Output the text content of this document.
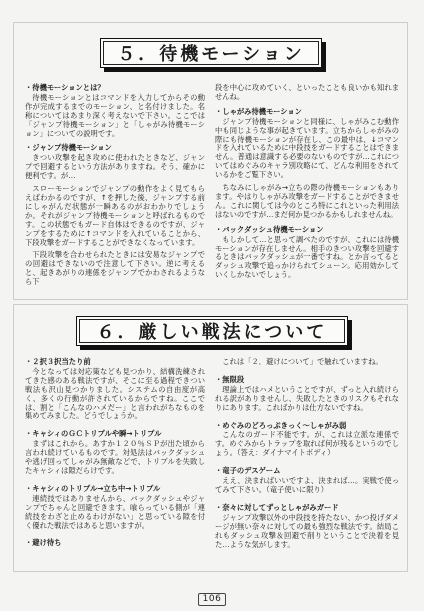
５．待機モーション
・待機モーションとは？

待機モーションとはコマンドを入力してからその動作が完成するまでのモーション、と名付けました。名称についてはあまり深く考えないで下さい。ここでは「ジャンプ待機モーション」と「しゃがみ待機モーション」についての説明です。

・ジャンプ待機モーション

きつい攻撃を起き攻めに使われたときなど、ジャンプで回避するという方法がありますね。そう、確かに便利です。が…

スローモーションでジャンプの動作をよく見てもらえばわかるのですが、↑を押した後、ジャンプする前にしゃがんだ状態が一瞬あるのがおわかりでしょうか。それがジャンプ待機モーションと呼ばれるものです。この状態でもガード自体はできるのですが、ジャンプをするために↑コマンドを入れていることから、下段攻撃をガードすることができなくなっています。

下段攻撃を合わせられたときには安易なジャンプでの回避はできないので注意して下さい。逆に考えると、起きあがりの連係をジャンプでかわされるようなら下

段を中心に攻めていく、といったことも良いかも知れませんね。

・しゃがみ待機モーション

ジャンプ待機モーションと同様に、しゃがみこむ動作中も同じような事が起きています。立ちからしゃがみの際にも待機モーションが存在し、この最中は、↓コマンドを入れているために中段技をガードすることはできません。普通は意識する必要のないものですが…これについてはめぐみのキャラ別攻略にて、どんな利用をされているかをご覧下さい。

ちなみにしゃがみ→立ちの際の待機モーションもあります。やはりしゃがみ攻撃をガードすることができません。これに関しては今のところ特にこれといった利用法はないのですが…まだ何か見つかるかもしれませんね。

・バックダッシュ待機モーション

もしかして…と思って調べたのですが、これには待機モーションが存在しません。相手のきつい攻撃を回避するときはバックダッシュが一番ですね。とか言ってるとダッシュ攻撃で追っかけられてシューン。応用効かしていくしかないでしょう。

６．厳しい戦法について
・２択３択当たり前

今となっては対応策なども見つかり、結構洗練されてきた感のある戦法ですが、そこに至る過程できつい戦法も沢山見つかりました。システムの自由度が高く、多くの行動が許されているからですね。ここでは、割と「こんなのハメだー」と言われがちなものを集めてみました。どうでしょうか。

・キャシィのＧＣトリプルや瞬→トリプル

まずはこれから。あすか１２０％ＳＰが出た頃から言われ続けているものです。対処法はバックダッシュや逃げ回ってしゃがみ無敵などで、トリプルを失敗したキャシィは隙だらけです。

・キャシィのトリプル→立ち中→トリプル

連続技ではありませんから、バックダッシュやジャンプでちゃんと回避できます。喰らっている側が「連続技をわざと止めるわけがない」と思っている隙を付く優れた戦法ではあると思いますが。

・避け待ち

これは「２．避けについて」で触れていますね。

・無限段

理論上ではハメということですが、ずっと入れ続けられる訳がありませんし、失敗したときのリスクもそれなりにあります。こればかりは仕方ないですね。

・めぐみのどろっぷきっく～しゃがみ弱

こんなのガード不能です。が、これは立派な連係です。めぐみからトラップを取れば何が残るというのでしょう。（答え：ダイナマイトボディ）

・竜子のデスゲーム

ええ、決まればいいですよ、決まれば…。実戦で使ってみて下さい。（竜子使いに限り）

・奈々に対してずっとしゃがみガード

ジャンプ攻撃以外の中段技を持たない、かつ投げダメージが無い奈々に対しての最も強烈な戦法です。結局これもダッシュ攻撃＆回避で削りということで決着を見た…ような気がします。

106
